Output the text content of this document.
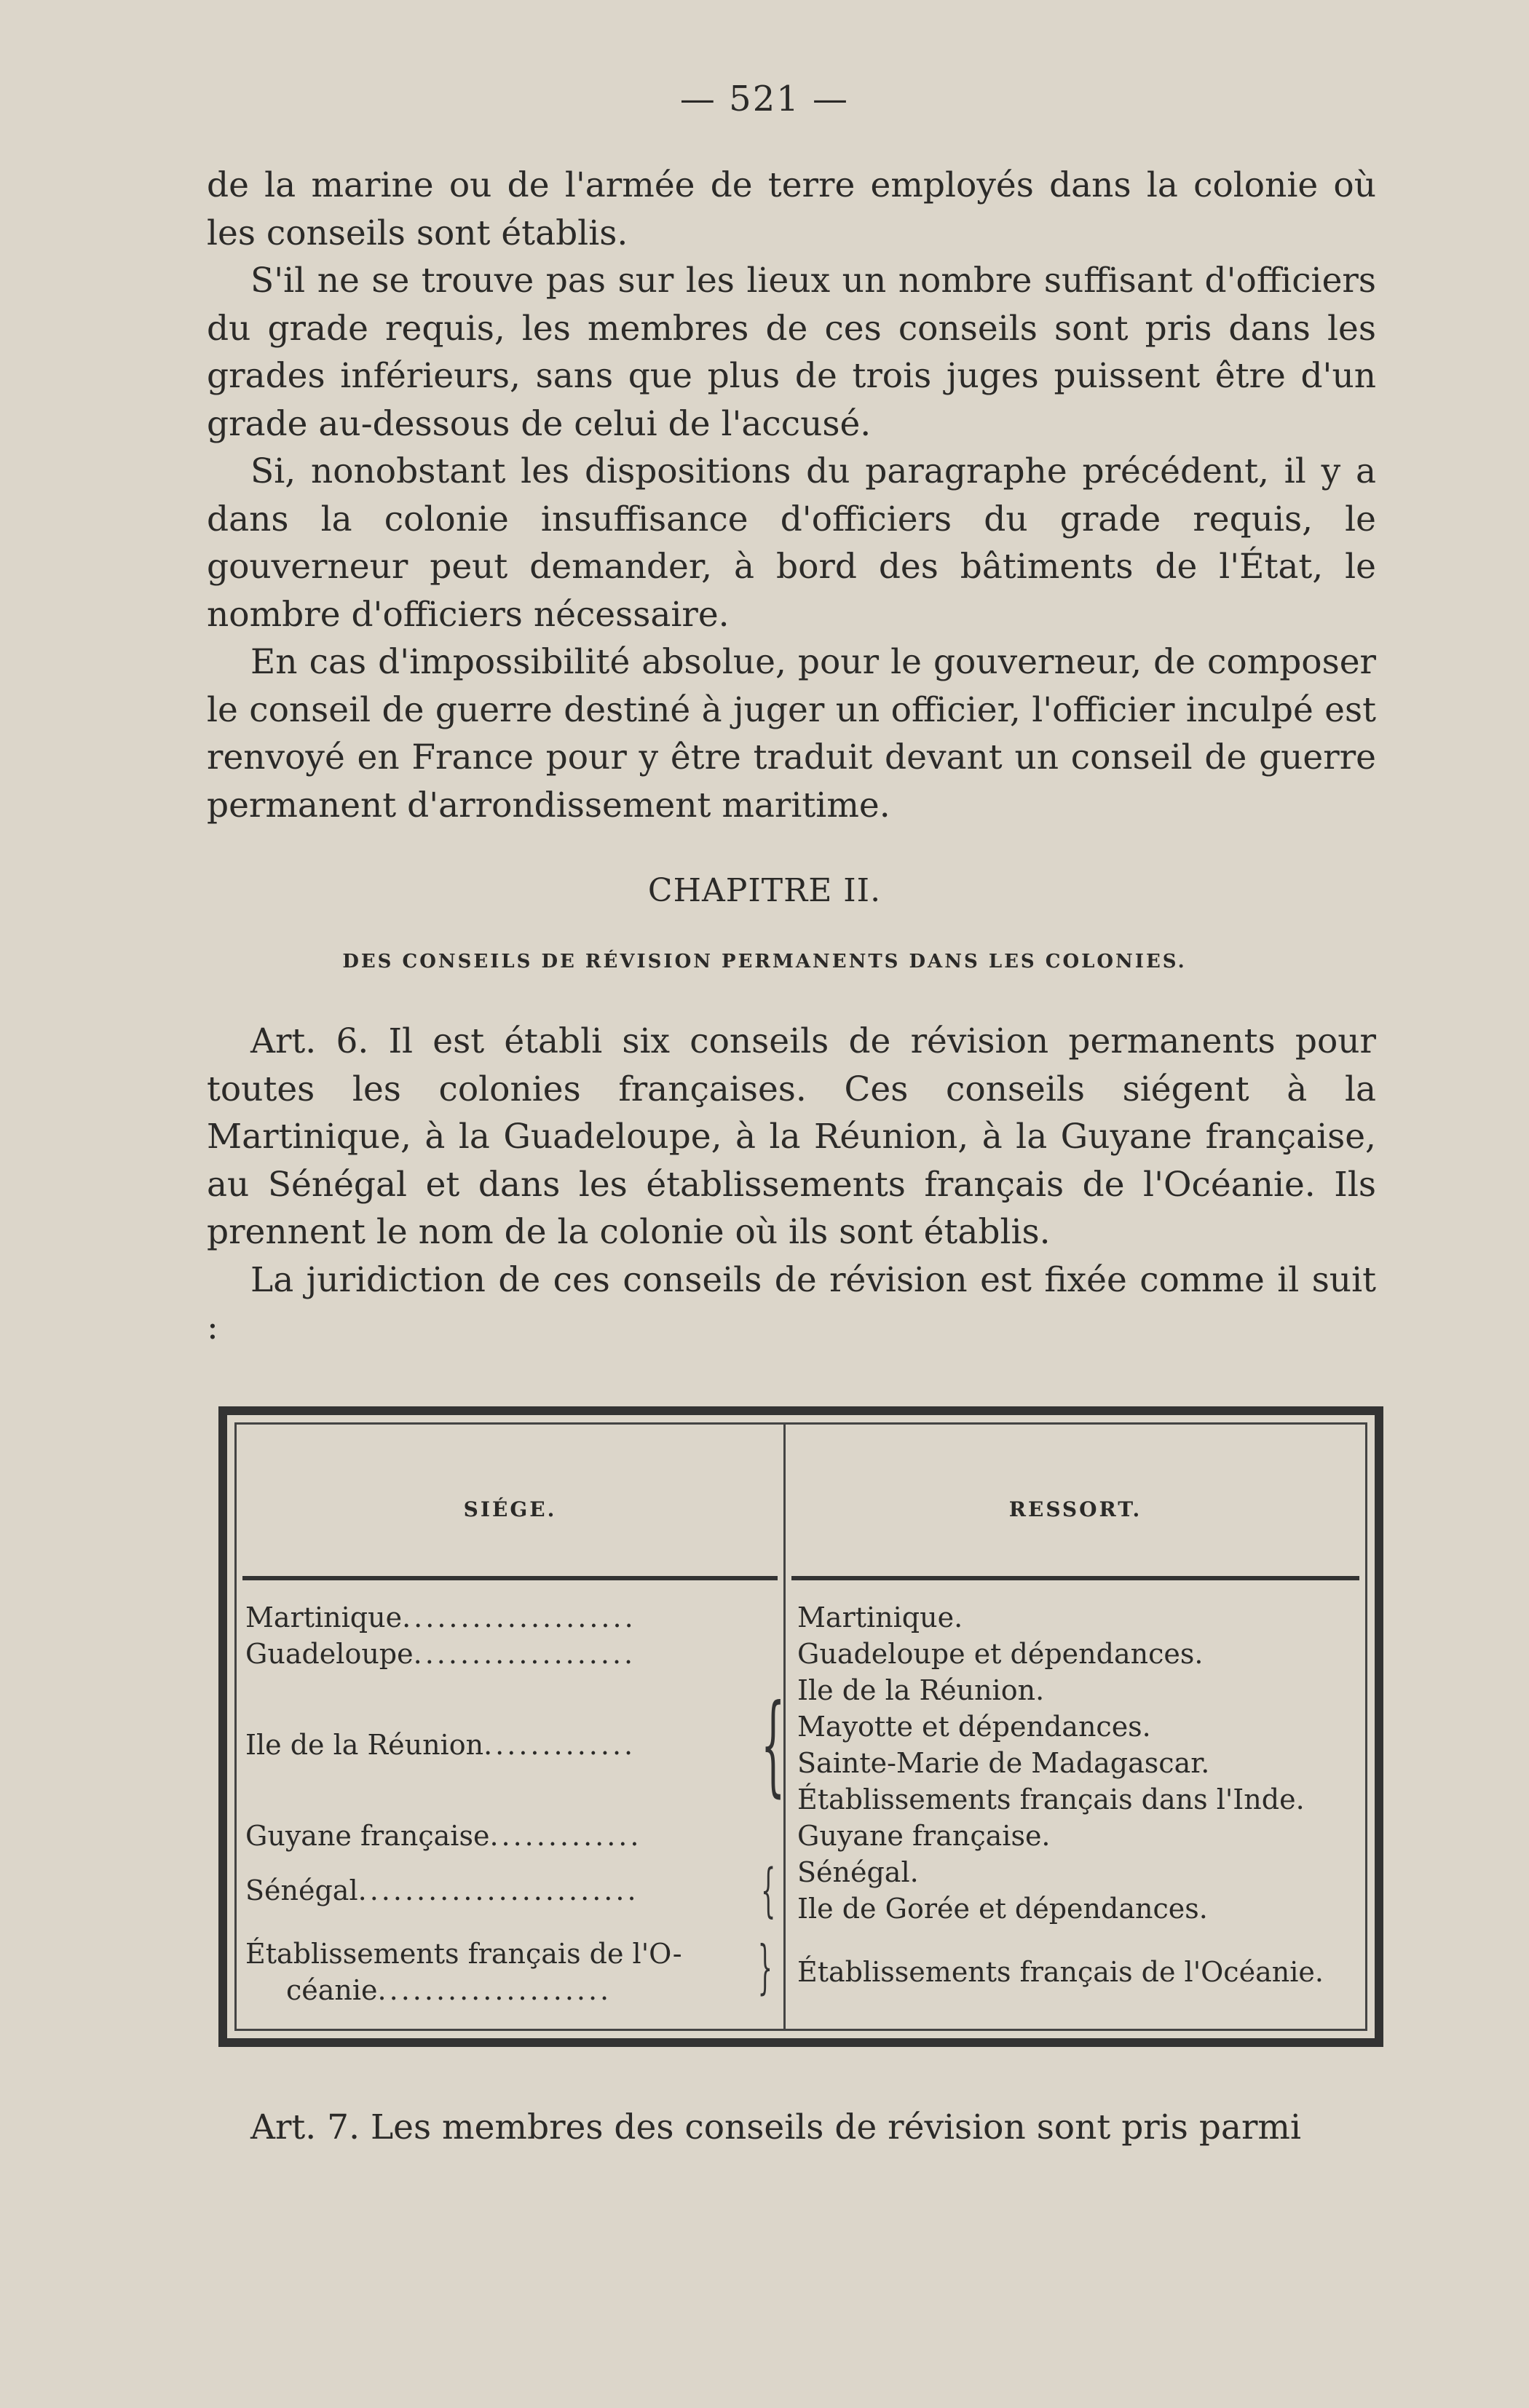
— 521 —

de la marine ou de l'armée de terre employés dans la colonie où les conseils sont établis.

S'il ne se trouve pas sur les lieux un nombre suffisant d'officiers du grade requis, les membres de ces conseils sont pris dans les grades inférieurs, sans que plus de trois juges puissent être d'un grade au-dessous de celui de l'accusé.

Si, nonobstant les dispositions du paragraphe précédent, il y a dans la colonie insuffisance d'officiers du grade requis, le gouverneur peut demander, à bord des bâtiments de l'État, le nombre d'officiers nécessaire.

En cas d'impossibilité absolue, pour le gouverneur, de composer le conseil de guerre destiné à juger un officier, l'officier inculpé est renvoyé en France pour y être traduit devant un conseil de guerre permanent d'arrondissement maritime.

CHAPITRE II.
DES CONSEILS DE RÉVISION PERMANENTS DANS LES COLONIES.

Art. 6. Il est établi six conseils de révision permanents pour toutes les colonies françaises. Ces conseils siégent à la Martinique, à la Guadeloupe, à la Réunion, à la Guyane française, au Sénégal et dans les établissements français de l'Océanie. Ils prennent le nom de la colonie où ils sont établis.

La juridiction de ces conseils de révision est fixée comme il suit :

SIÉGE.	RESSORT.
Martinique....................	Martinique.
Guadeloupe...................	Guadeloupe et dépendances.
Ile de la Réunion.............	{ Ile de la Réunion.
Mayotte et dépendances.
Sainte-Marie de Madagascar.
Établissements français dans l'Inde.
Guyane française.............	Guyane française.
Sénégal........................	{ Sénégal.
Ile de Gorée et dépendances.
Établissements français de l'O-
céanie....................	{ Établissements français de l'Océanie.

Art. 7. Les membres des conseils de révision sont pris parmi
